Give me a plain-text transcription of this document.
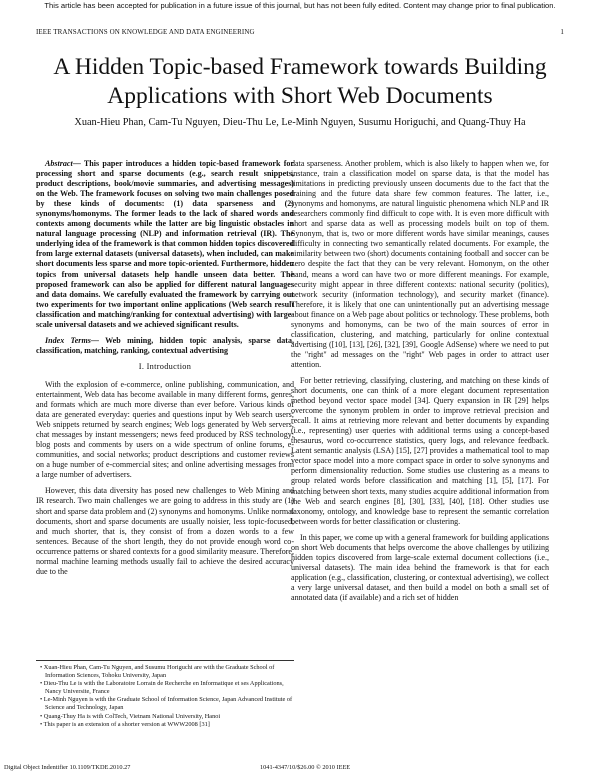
This article has been accepted for publication in a future issue of this journal, but has not been fully edited. Content may change prior to final publication.
IEEE TRANSACTIONS ON KNOWLEDGE AND DATA ENGINEERING	1
A Hidden Topic-based Framework towards Building
Applications with Short Web Documents
Xuan-Hieu Phan, Cam-Tu Nguyen, Dieu-Thu Le, Le-Minh Nguyen, Susumu Horiguchi, and Quang-Thuy Ha

Abstract— This paper introduces a hidden topic-based framework for processing short and sparse documents (e.g., search result snippets, product descriptions, book/movie summaries, and advertising messages) on the Web. The framework focuses on solving two main challenges posed by these kinds of documents: (1) data sparseness and (2) synonyms/homonyms. The former leads to the lack of shared words and contexts among documents while the latter are big linguistic obstacles in natural language processing (NLP) and information retrieval (IR). The underlying idea of the framework is that common hidden topics discovered from large external datasets (universal datasets), when included, can make short documents less sparse and more topic-oriented. Furthermore, hidden topics from universal datasets help handle unseen data better. The proposed framework can also be applied for different natural languages and data domains. We carefully evaluated the framework by carrying out two experiments for two important online applications (Web search result classification and matching/ranking for contextual advertising) with large-scale universal datasets and we achieved significant results.

Index Terms— Web mining, hidden topic analysis, sparse data, classification, matching, ranking, contextual advertising

I. Introduction

With the explosion of e-commerce, online publishing, communication, and entertainment, Web data has become available in many different forms, genres, and formats which are much more diverse than ever before. Various kinds of data are generated everyday: queries and questions input by Web search users; Web snippets returned by search engines; Web logs generated by Web servers; chat messages by instant messengers; news feed produced by RSS technology; blog posts and comments by users on a wide spectrum of online forums, e-communities, and social networks; product descriptions and customer reviews on a huge number of e-commercial sites; and online advertising messages from a large number of advertisers.

However, this data diversity has posed new challenges to Web Mining and IR research. Two main challenges we are going to address in this study are (1) short and sparse data problem and (2) synonyms and homonyms. Unlike normal documents, short and sparse documents are usually noisier, less topic-focused, and much shorter, that is, they consist of from a dozen words to a few sentences. Because of the short length, they do not provide enough word co-occurrence patterns or shared contexts for a good similarity measure. Therefore, normal machine learning methods usually fail to achieve the desired accuracy due to the

• Xuan-Hieu Phan, Cam-Tu Nguyen, and Susumu Horiguchi are with the Graduate School of Information Sciences, Tohoku University, Japan
• Dieu-Thu Le is with the Laboratoire Lorrain de Recherche en Informatique et ses Applications, Nancy Universite, France
• Le-Minh Nguyen is with the Graduate School of Information Science, Japan Advanced Institute of Science and Technology, Japan
• Quang-Thuy Ha is with ColTech, Vietnam National University, Hanoi
• This paper is an extension of a shorter version at WWW2008 [31]

data sparseness. Another problem, which is also likely to happen when we, for instance, train a classification model on sparse data, is that the model has limitations in predicting previously unseen documents due to the fact that the training and the future data share few common features. The latter, i.e., synonyms and homonyms, are natural linguistic phenomena which NLP and IR researchers commonly find difficult to cope with. It is even more difficult with short and sparse data as well as processing models built on top of them. Synonym, that is, two or more different words have similar meanings, causes difficulty in connecting two semantically related documents. For example, the similarity between two (short) documents containing football and soccer can be zero despite the fact that they can be very relevant. Homonym, on the other hand, means a word can have two or more different meanings. For example, security might appear in three different contexts: national security (politics), network security (information technology), and security market (finance). Therefore, it is likely that one can unintentionally put an advertising message about finance on a Web page about politics or technology. These problems, both synonyms and homonyms, can be two of the main sources of error in classification, clustering, and matching, particularly for online contextual advertising ([10], [13], [26], [32], [39], Google AdSense) where we need to put the "right" ad messages on the "right" Web pages in order to attract user attention.

For better retrieving, classifying, clustering, and matching on these kinds of short documents, one can think of a more elegant document representation method beyond vector space model [34]. Query expansion in IR [29] helps overcome the synonym problem in order to improve retrieval precision and recall. It aims at retrieving more relevant and better documents by expanding (i.e., representing) user queries with additional terms using a concept-based thesaurus, word co-occurrence statistics, query logs, and relevance feedback. Latent semantic analysis (LSA) [15], [27] provides a mathematical tool to map vector space model into a more compact space in order to solve synonyms and perform dimensionality reduction. Some studies use clustering as a means to group related words before classification and matching [1], [5], [17]. For matching between short texts, many studies acquire additional information from the Web and search engines [8], [30], [33], [40], [18]. Other studies use taxonomy, ontology, and knowledge base to represent the semantic correlation between words for better classification or clustering.

In this paper, we come up with a general framework for building applications on short Web documents that helps overcome the above challenges by utilizing hidden topics discovered from large-scale external document collections (i.e., universal datasets). The main idea behind the framework is that for each application (e.g., classification, clustering, or contextual advertising), we collect a very large universal dataset, and then build a model on both a small set of annotated data (if available) and a rich set of hidden

Digital Object Indentifier 10.1109/TKDE.2010.27	1041-4347/10/$26.00 © 2010 IEEE
